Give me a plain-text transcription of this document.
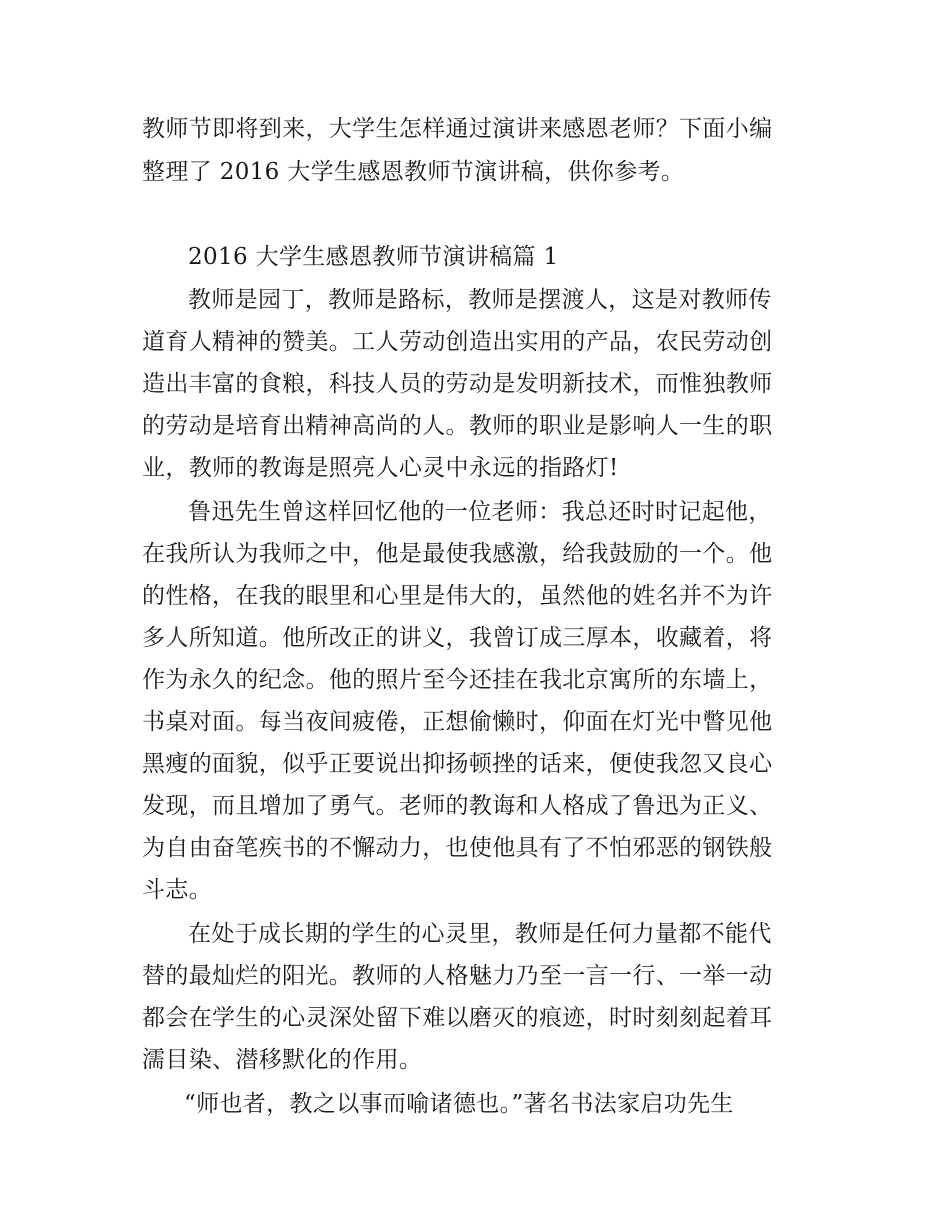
教师节即将到来，大学生怎样通过演讲来感恩老师？下面小编
整理了 2016 大学生感恩教师节演讲稿，供你参考。
2016 大学生感恩教师节演讲稿篇 1
教师是园丁，教师是路标，教师是摆渡人，这是对教师传
道育人精神的赞美。工人劳动创造出实用的产品，农民劳动创
造出丰富的食粮，科技人员的劳动是发明新技术，而惟独教师
的劳动是培育出精神高尚的人。教师的职业是影响人一生的职
业，教师的教诲是照亮人心灵中永远的指路灯!
鲁迅先生曾这样回忆他的一位老师：我总还时时记起他，
在我所认为我师之中，他是最使我感激，给我鼓励的一个。他
的性格，在我的眼里和心里是伟大的，虽然他的姓名并不为许
多人所知道。他所改正的讲义，我曾订成三厚本，收藏着，将
作为永久的纪念。他的照片至今还挂在我北京寓所的东墙上，
书桌对面。每当夜间疲倦，正想偷懒时，仰面在灯光中瞥见他
黑瘦的面貌，似乎正要说出抑扬顿挫的话来，便使我忽又良心
发现，而且增加了勇气。老师的教诲和人格成了鲁迅为正义、
为自由奋笔疾书的不懈动力，也使他具有了不怕邪恶的钢铁般
斗志。
在处于成长期的学生的心灵里，教师是任何力量都不能代
替的最灿烂的阳光。教师的人格魅力乃至一言一行、一举一动
都会在学生的心灵深处留下难以磨灭的痕迹，时时刻刻起着耳
濡目染、潜移默化的作用。
“师也者，教之以事而喻诸德也。”著名书法家启功先生
